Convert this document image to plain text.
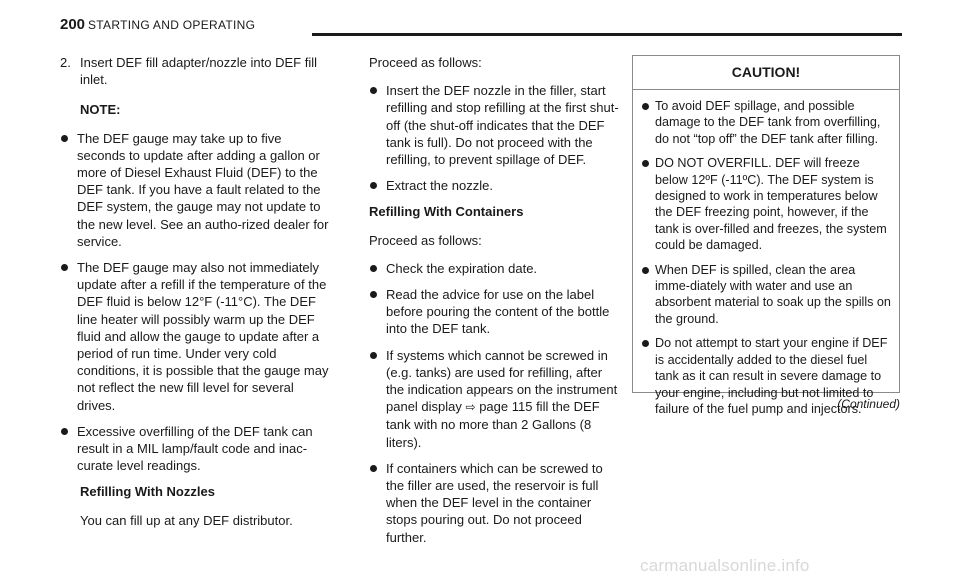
200 STARTING AND OPERATING
2. Insert DEF fill adapter/nozzle into DEF fill inlet.
NOTE:
The DEF gauge may take up to five seconds to update after adding a gallon or more of Diesel Exhaust Fluid (DEF) to the DEF tank. If you have a fault related to the DEF system, the gauge may not update to the new level. See an autho-rized dealer for service.
The DEF gauge may also not immediately update after a refill if the temperature of the DEF fluid is below 12°F (-11°C). The DEF line heater will possibly warm up the DEF fluid and allow the gauge to update after a period of run time. Under very cold conditions, it is possible that the gauge may not reflect the new fill level for several drives.
Excessive overfilling of the DEF tank can result in a MIL lamp/fault code and inac-curate level readings.
Refilling With Nozzles
You can fill up at any DEF distributor.
Proceed as follows:
Insert the DEF nozzle in the filler, start refilling and stop refilling at the first shut-off (the shut-off indicates that the DEF tank is full). Do not proceed with the refilling, to prevent spillage of DEF.
Extract the nozzle.
Refilling With Containers
Proceed as follows:
Check the expiration date.
Read the advice for use on the label before pouring the content of the bottle into the DEF tank.
If systems which cannot be screwed in (e.g. tanks) are used for refilling, after the indication appears on the instrument panel display ⇨ page 115 fill the DEF tank with no more than 2 Gallons (8 liters).
If containers which can be screwed to the filler are used, the reservoir is full when the DEF level in the container stops pouring out. Do not proceed further.
CAUTION!
To avoid DEF spillage, and possible damage to the DEF tank from overfilling, do not “top off” the DEF tank after filling.
DO NOT OVERFILL. DEF will freeze below 12ºF (-11ºC). The DEF system is designed to work in temperatures below the DEF freezing point, however, if the tank is over-filled and freezes, the system could be damaged.
When DEF is spilled, clean the area imme-diately with water and use an absorbent material to soak up the spills on the ground.
Do not attempt to start your engine if DEF is accidentally added to the diesel fuel tank as it can result in severe damage to your engine, including but not limited to failure of the fuel pump and injectors.
(Continued)
carmanualsonline.info
